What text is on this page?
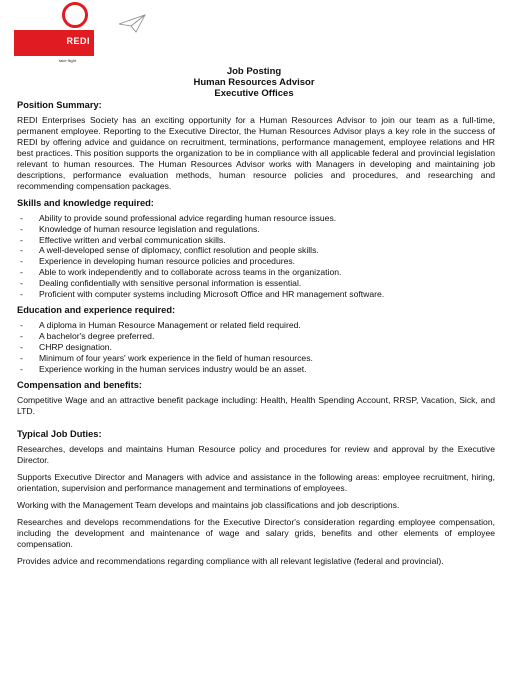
REDI
take flight
Job Posting
Human Resources Advisor
Executive Offices
Position Summary:

REDI Enterprises Society has an exciting opportunity for a Human Resources Advisor to join our team as a full-time, permanent employee. Reporting to the Executive Director, the Human Resources Advisor plays a key role in the success of REDI by offering advice and guidance on recruitment, terminations, performance management, employee relations and HR best practices. This position supports the organization to be in compliance with all applicable federal and provincial legislation relevant to human resources. The Human Resources Advisor works with Managers in developing and maintaining job descriptions, performance evaluation methods, human resource policies and procedures, and researching and recommending compensation packages.

Skills and knowledge required:
- Ability to provide sound professional advice regarding human resource issues.
- Knowledge of human resource legislation and regulations.
- Effective written and verbal communication skills.
- A well-developed sense of diplomacy, conflict resolution and people skills.
- Experience in developing human resource policies and procedures.
- Able to work independently and to collaborate across teams in the organization.
- Dealing confidentially with sensitive personal information is essential.
- Proficient with computer systems including Microsoft Office and HR management software.
Education and experience required:
- A diploma in Human Resource Management or related field required.
- A bachelor's degree preferred.
- CHRP designation.
- Minimum of four years' work experience in the field of human resources.
- Experience working in the human services industry would be an asset.
Compensation and benefits:

Competitive Wage and an attractive benefit package including: Health, Health Spending Account, RRSP, Vacation, Sick, and LTD.

Typical Job Duties:

Researches, develops and maintains Human Resource policy and procedures for review and approval by the Executive Director.

Supports Executive Director and Managers with advice and assistance in the following areas: employee recruitment, hiring, orientation, supervision and performance management and terminations of employees.

Working with the Management Team develops and maintains job classifications and job descriptions.

Researches and develops recommendations for the Executive Director's consideration regarding employee compensation, including the development and maintenance of wage and salary grids, benefits and other elements of employee compensation.

Provides advice and recommendations regarding compliance with all relevant legislative (federal and provincial).
